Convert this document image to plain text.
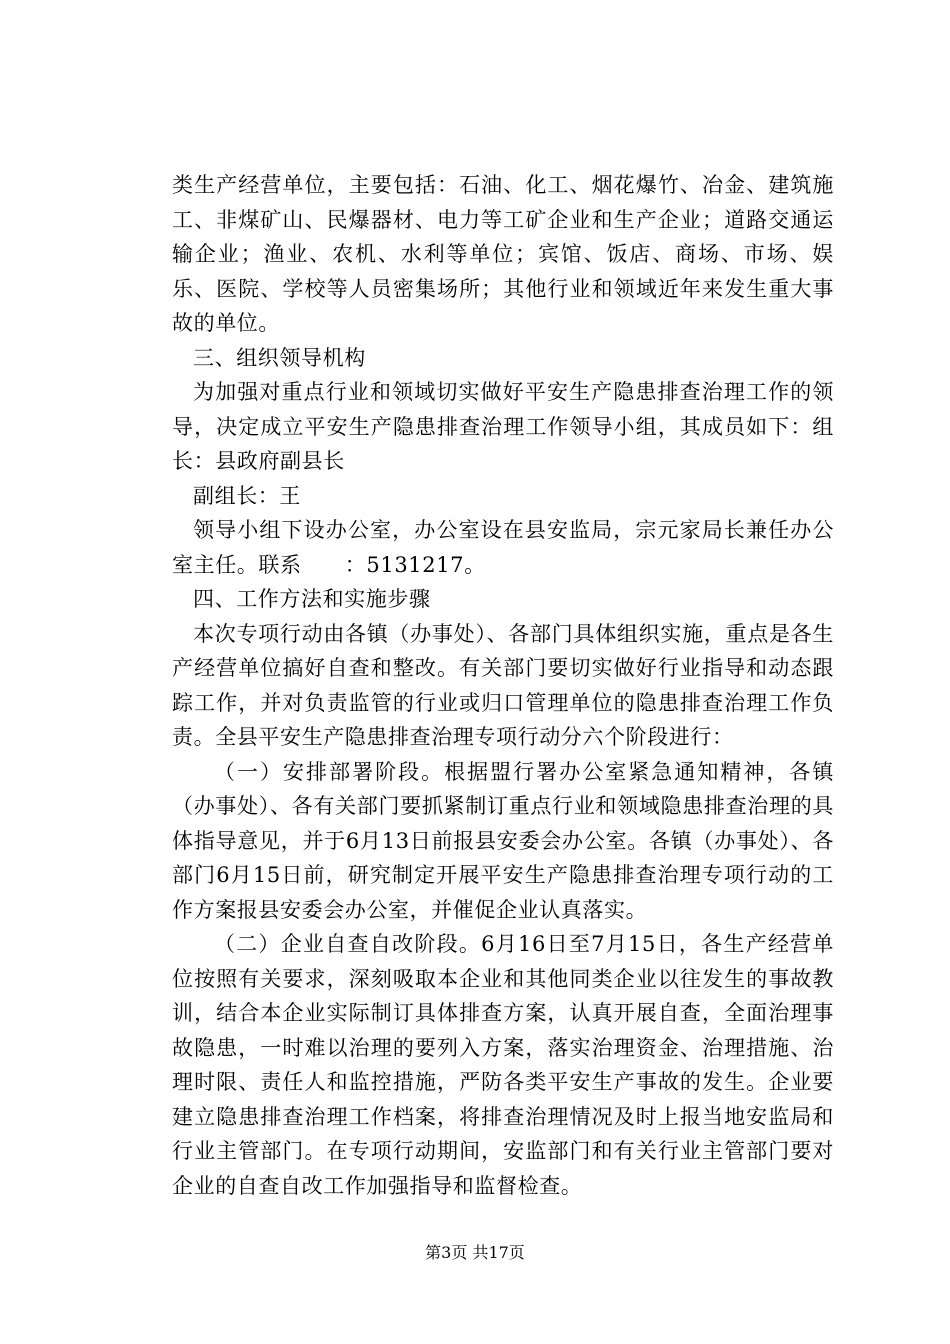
类生产经营单位，主要包括：石油、化工、烟花爆竹、冶金、建筑施工、非煤矿山、民爆器材、电力等工矿企业和生产企业；道路交通运输企业；渔业、农机、水利等单位；宾馆、饭店、商场、市场、娱乐、医院、学校等人员密集场所；其他行业和领域近年来发生重大事故的单位。

三、组织领导机构

为加强对重点行业和领域切实做好平安生产隐患排查治理工作的领导，决定成立平安生产隐患排查治理工作领导小组，其成员如下：组长：县政府副县长

副组长：王

领导小组下设办公室，办公室设在县安监局，宗元家局长兼任办公室主任。联系　　：5131217。

四、工作方法和实施步骤

本次专项行动由各镇（办事处）、各部门具体组织实施，重点是各生产经营单位搞好自查和整改。有关部门要切实做好行业指导和动态跟踪工作，并对负责监管的行业或归口管理单位的隐患排查治理工作负责。全县平安生产隐患排查治理专项行动分六个阶段进行：

（一）安排部署阶段。根据盟行署办公室紧急通知精神，各镇（办事处）、各有关部门要抓紧制订重点行业和领域隐患排查治理的具体指导意见，并于6月13日前报县安委会办公室。各镇（办事处）、各部门6月15日前，研究制定开展平安生产隐患排查治理专项行动的工作方案报县安委会办公室，并催促企业认真落实。

（二）企业自查自改阶段。6月16日至7月15日，各生产经营单位按照有关要求，深刻吸取本企业和其他同类企业以往发生的事故教训，结合本企业实际制订具体排查方案，认真开展自查，全面治理事故隐患，一时难以治理的要列入方案，落实治理资金、治理措施、治理时限、责任人和监控措施，严防各类平安生产事故的发生。企业要建立隐患排查治理工作档案，将排查治理情况及时上报当地安监局和行业主管部门。在专项行动期间，安监部门和有关行业主管部门要对企业的自查自改工作加强指导和监督检查。

第3页 共17页
